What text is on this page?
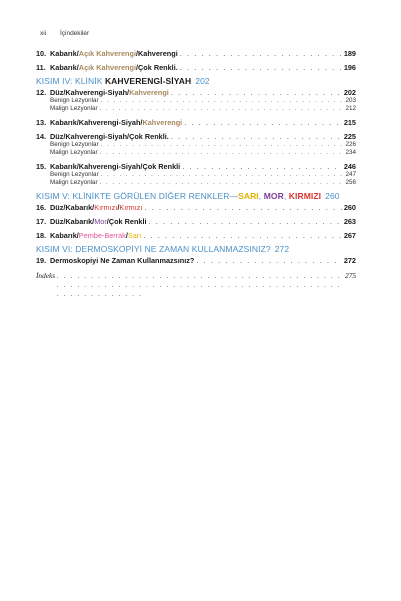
xii İçindekiler
10. Kabarık/Açık Kahverengi/Kahverengi . . .	189
11. Kabarık/Açık Kahverengi/Çok Renkli. . . .	196
KISIM IV: KLİNİK KAHVERENGİ-SİYAH 202
12. Düz/Kahverengi-Siyah/Kahverengi . . .	202
Benign Lezyonlar . . .	203
Malign Lezyonlar . . .	212
13. Kabarık/Kahverengi-Siyah/Kahverengi . . .	215
14. Düz/Kahverengi-Siyah/Çok Renkli. . . .	225
Benign Lezyonlar . . .	226
Malign Lezyonlar . . .	234
15. Kabarık/Kahverengi-Siyah/Çok Renkli . . .	246
Benign Lezyonlar . . .	247
Malign Lezyonlar . . .	256
KISIM V: KLİNİKTE GÖRÜLEN DİĞER RENKLER—SARI, MOR, KIRMIZI 260
16. Düz/Kabarık/Kırmızı/Kırmızı . . .	260
17. Düz/Kabarık/Mor/Çok Renkli . . .	263
18. Kabarık/Pembe-Berrak/Sarı . . .	267
KISIM VI: DERMOSKOPİYİ NE ZAMAN KULLANMAZSINIZ? 272
19. Dermoskopiyi Ne Zaman Kullanmazsınız? . . .	272
İndeks . . .	275
